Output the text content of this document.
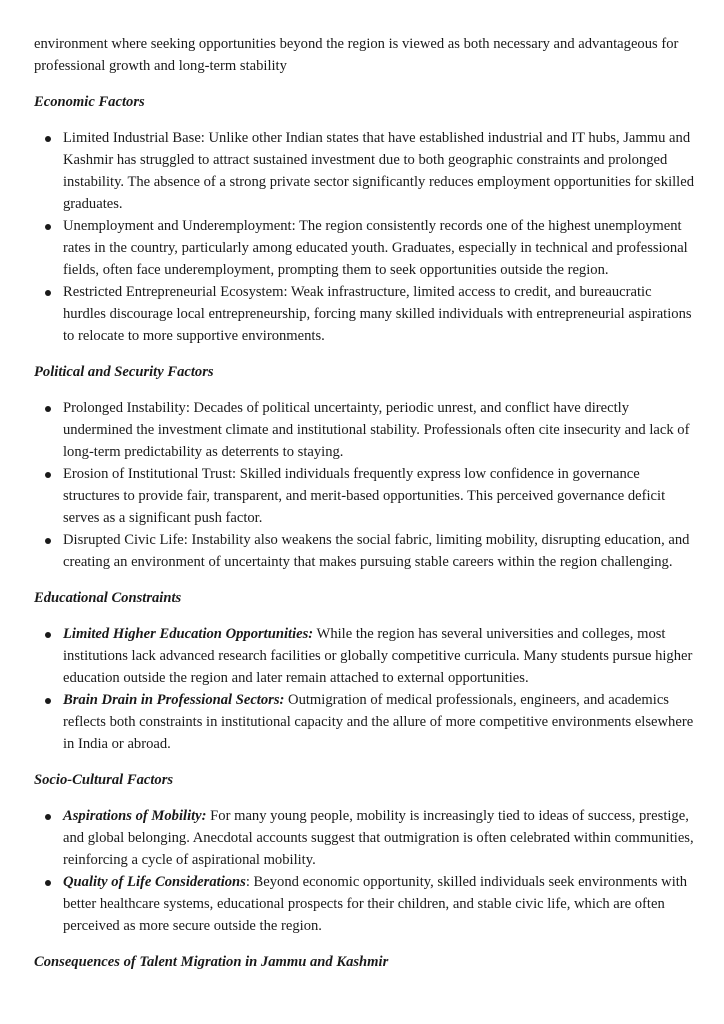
environment where seeking opportunities beyond the region is viewed as both necessary and advantageous for professional growth and long-term stability

Economic Factors
Limited Industrial Base: Unlike other Indian states that have established industrial and IT hubs, Jammu and Kashmir has struggled to attract sustained investment due to both geographic constraints and prolonged instability. The absence of a strong private sector significantly reduces employment opportunities for skilled graduates.
Unemployment and Underemployment: The region consistently records one of the highest unemployment rates in the country, particularly among educated youth. Graduates, especially in technical and professional fields, often face underemployment, prompting them to seek opportunities outside the region.
Restricted Entrepreneurial Ecosystem: Weak infrastructure, limited access to credit, and bureaucratic hurdles discourage local entrepreneurship, forcing many skilled individuals with entrepreneurial aspirations to relocate to more supportive environments.
Political and Security Factors
Prolonged Instability: Decades of political uncertainty, periodic unrest, and conflict have directly undermined the investment climate and institutional stability. Professionals often cite insecurity and lack of long-term predictability as deterrents to staying.
Erosion of Institutional Trust: Skilled individuals frequently express low confidence in governance structures to provide fair, transparent, and merit-based opportunities. This perceived governance deficit serves as a significant push factor.
Disrupted Civic Life: Instability also weakens the social fabric, limiting mobility, disrupting education, and creating an environment of uncertainty that makes pursuing stable careers within the region challenging.
Educational Constraints
Limited Higher Education Opportunities: While the region has several universities and colleges, most institutions lack advanced research facilities or globally competitive curricula. Many students pursue higher education outside the region and later remain attached to external opportunities.
Brain Drain in Professional Sectors: Outmigration of medical professionals, engineers, and academics reflects both constraints in institutional capacity and the allure of more competitive environments elsewhere in India or abroad.
Socio-Cultural Factors
Aspirations of Mobility: For many young people, mobility is increasingly tied to ideas of success, prestige, and global belonging. Anecdotal accounts suggest that outmigration is often celebrated within communities, reinforcing a cycle of aspirational mobility.
Quality of Life Considerations: Beyond economic opportunity, skilled individuals seek environments with better healthcare systems, educational prospects for their children, and stable civic life, which are often perceived as more secure outside the region.
Consequences of Talent Migration in Jammu and Kashmir
